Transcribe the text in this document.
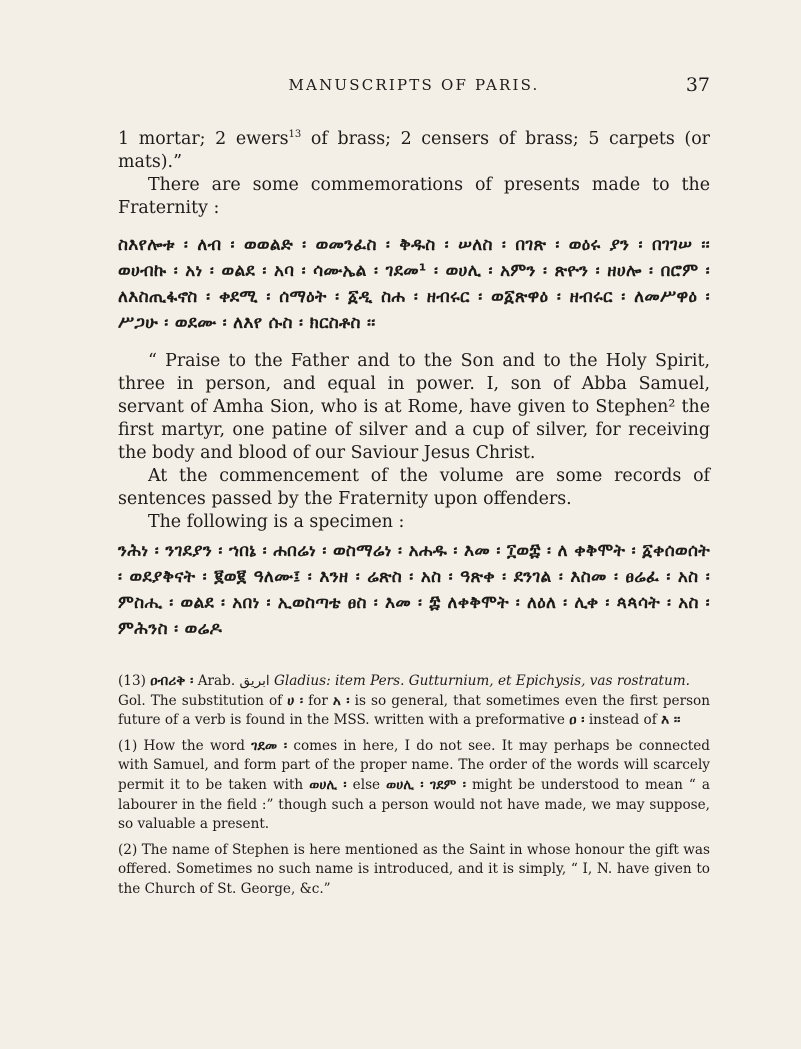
MANUSCRIPTS OF PARIS.	37

1 mortar; 2 ewers$^{13}$ of brass; 2 censers of brass; 5 carpets (or mats).”

There are some commemorations of presents made to the Fraternity :

ስእየሎቱ ፡ ለብ ፡ ወወልድ ፡ ወመንፈስ ፡ ቅዱስ ፡ ሠለስ ፡ በገጽ ፡ ወዕሩ ያን ፡ በገገሠ ፡፡ ወሀብኩ ፡ አነ ፡ ወልደ ፡ አባ ፡ ሳሙኤል ፡ ገደመ¹ ፡ ወሀሊ ፡ አምን ፡ ጽዮን ፡ ዘሀሎ ፡ በሮም ፡ ለእስጢፋኖስ ፡ ቀደሚ ፡ ሰማዕት ፡ ፩ዲ ስሐ ፡ ዘብሩር ፡ ወ፩ጽዋዕ ፡ ዘብሩር ፡ ለመሥዋዕ ፡ ሥጋሁ ፡ ወደሙ ፡ ለእየ ሱስ ፡ ክርስቶስ ፡፡

“ Praise to the Father and to the Son and to the Holy Spirit, three in person, and equal in power. I, son of Abba Samuel, servant of Amha Sion, who is at Rome, have given to Stephen² the first martyr, one patine of silver and a cup of silver, for receiving the body and blood of our Saviour Jesus Christ.

At the commencement of the volume are some records of sentences passed by the Fraternity upon offenders.

The following is a specimen :

ንሕነ ፡ ንገደያን ፡ ኀበኔ ፡ ሐበሬነ ፡ ወስማሬነ ፡ አሐዱ ፡ እመ ፡ ፲ወ፰ ፡ ለ ቀቅሞት ፡ ፩ቀሰወሰት ፡ ወደያቅናት ፡ ፪ወ፪ ዓለሙ፤ ፡ እንዘ ፡ ሬጽስ ፡ አስ ፡ ዓጽቀ ፡ ደንገል ፡ እስመ ፡ ፀሬፈ ፡ አስ ፡ ምስሒ ፡ ወልደ ፡ አበነ ፡ ኢወስጣቴ ፀስ ፡ እመ ፡ ፰ ለቀቅሞት ፡ ለዕለ ፡ ሊቀ ፡ ጳጳሳት ፡ አስ ፡ ምሕንስ ፡ ወሬዶ

(13) ዐብሪቅ ፡ Arab. ابريق Gladius: item Pers. Gutturnium, et Epichysis, vas rostratum.
Gol. The substitution of ሀ ፡ for አ ፡ is so general, that sometimes even the first person future of a verb is found in the MSS. written with a preformative ዐ ፡ instead of እ ፡፡

(1) How the word ገደመ ፡ comes in here, I do not see. It may perhaps be connected with Samuel, and form part of the proper name. The order of the words will scarcely permit it to be taken with ወሀሊ ፡ else ወሀሊ ፡ ገደም ፡ might be understood to mean “ a labourer in the field :” though such a person would not have made, we may suppose, so valuable a present.

(2) The name of Stephen is here mentioned as the Saint in whose honour the gift was offered. Sometimes no such name is introduced, and it is simply, “ I, N. have given to the Church of St. George, &c.”
